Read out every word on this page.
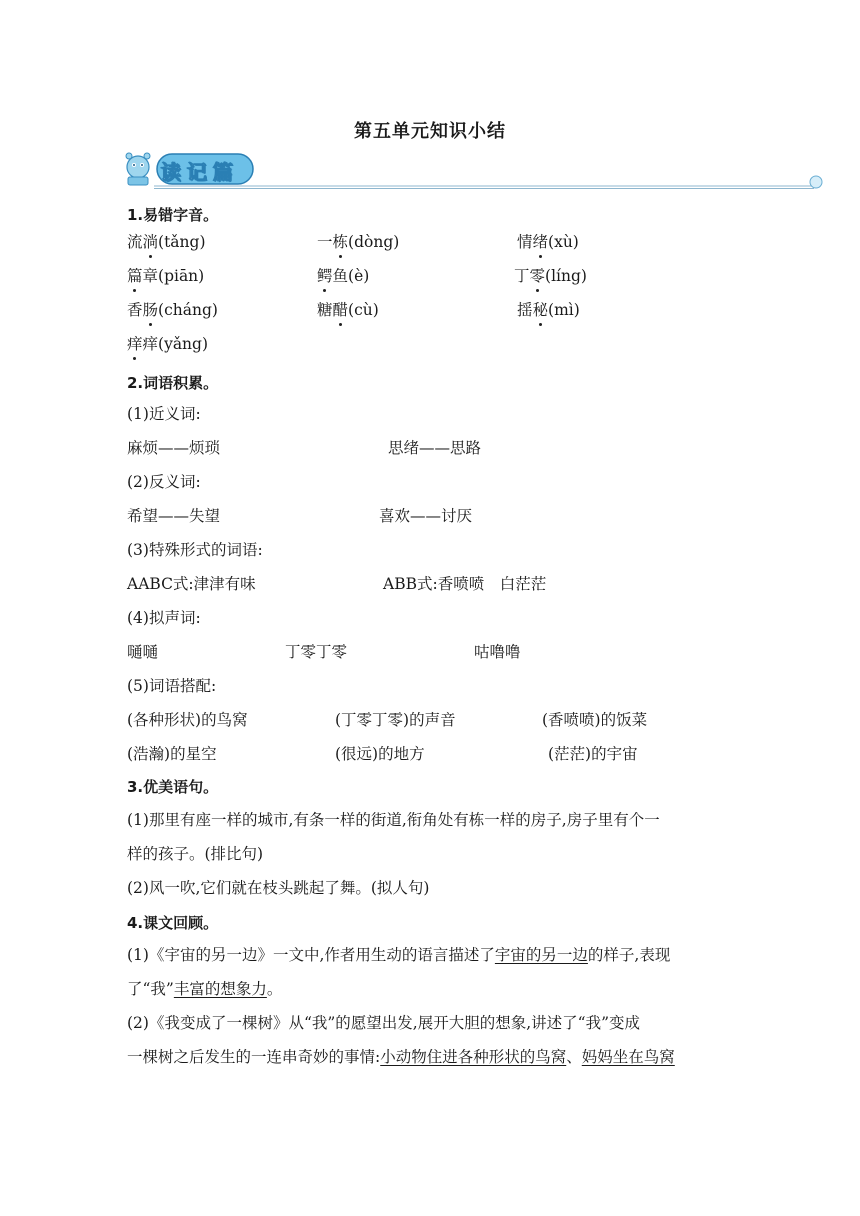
第五单元知识小结
读记篇
1.易错字音。
流淌(tǎng)	一栋(dòng)	情绪(xù)
篇章(piān)	鳄鱼(è)	丁零(líng)
香肠(cháng)	糖醋(cù)	揺秘(mì)
痒痒(yǎng)
2.词语积累。
(1)近义词:
麻烦——烦琐	思绪——思路
(2)反义词:
希望——失望	喜欢——讨厌
(3)特殊形式的词语:
AABC式:津津有味	ABB式:香喷喷　白茫茫
(4)拟声词:
嗵嗵	丁零丁零	咕噜噜
(5)词语搭配:
(各种形状)的鸟窝	(丁零丁零)的声音	(香喷喷)的饭菜
(浩瀚)的星空	(很远)的地方	(茫茫)的宇宙
3.优美语句。
(1)那里有座一样的城市,有条一样的街道,衔角处有栋一样的房子,房子里有个一
样的孩子。(排比句)
(2)风一吹,它们就在枝头跳起了舞。(拟人句)
4.课文回顾。
(1)《宇宙的另一边》一文中,作者用生动的语言描述了宇宙的另一边的样子,表现
了“我”丰富的想象力。
(2)《我变成了一棵树》从“我”的愿望出发,展开大胆的想象,讲述了“我”变成
一棵树之后发生的一连串奇妙的事情:小动物住进各种形状的鸟窝、妈妈坐在鸟窝
